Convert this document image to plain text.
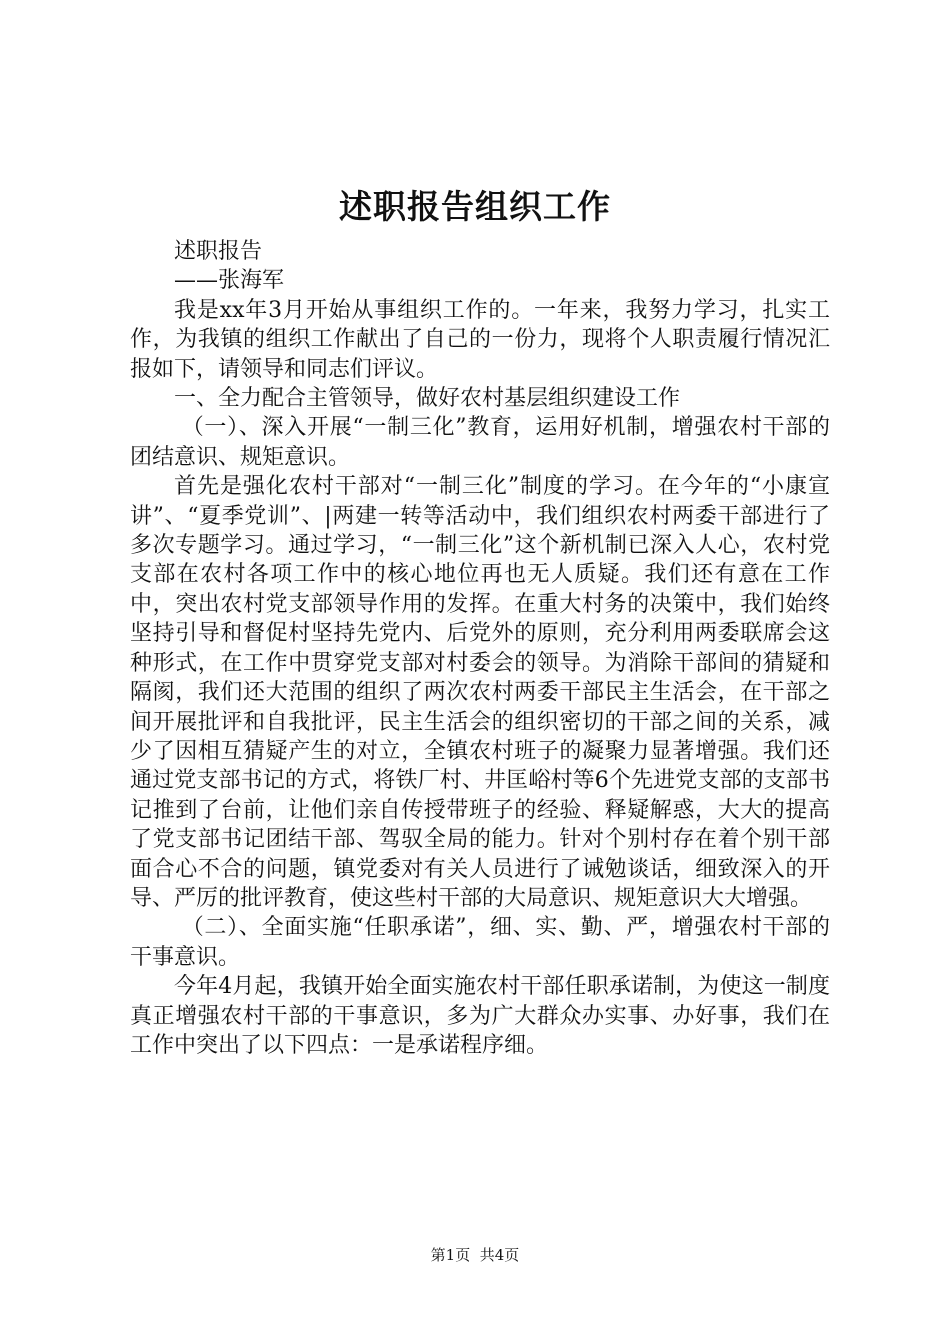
述职报告组织工作

述职报告

——张海军

我是xx年3月开始从事组织工作的。一年来，我努力学习，扎实工作，为我镇的组织工作献出了自己的一份力，现将个人职责履行情况汇报如下，请领导和同志们评议。

一、全力配合主管领导，做好农村基层组织建设工作

（一）、深入开展“一制三化”教育，运用好机制，增强农村干部的团结意识、规矩意识。

首先是强化农村干部对“一制三化”制度的学习。在今年的“小康宣讲”、“夏季党训”、|两建一转等活动中，我们组织农村两委干部进行了多次专题学习。通过学习，“一制三化”这个新机制已深入人心，农村党支部在农村各项工作中的核心地位再也无人质疑。我们还有意在工作中，突出农村党支部领导作用的发挥。在重大村务的决策中，我们始终坚持引导和督促村坚持先党内、后党外的原则，充分利用两委联席会这种形式，在工作中贯穿党支部对村委会的领导。为消除干部间的猜疑和隔阂，我们还大范围的组织了两次农村两委干部民主生活会，在干部之间开展批评和自我批评，民主生活会的组织密切的干部之间的关系，减少了因相互猜疑产生的对立，全镇农村班子的凝聚力显著增强。我们还通过党支部书记的方式，将铁厂村、井匡峪村等6个先进党支部的支部书记推到了台前，让他们亲自传授带班子的经验、释疑解惑，大大的提高了党支部书记团结干部、驾驭全局的能力。针对个别村存在着个别干部面合心不合的问题，镇党委对有关人员进行了诫勉谈话，细致深入的开导、严厉的批评教育，使这些村干部的大局意识、规矩意识大大增强。

（二）、全面实施“任职承诺”，细、实、勤、严，增强农村干部的干事意识。

今年4月起，我镇开始全面实施农村干部任职承诺制，为使这一制度真正增强农村干部的干事意识，多为广大群众办实事、办好事，我们在工作中突出了以下四点：一是承诺程序细。

第1页 共4页
